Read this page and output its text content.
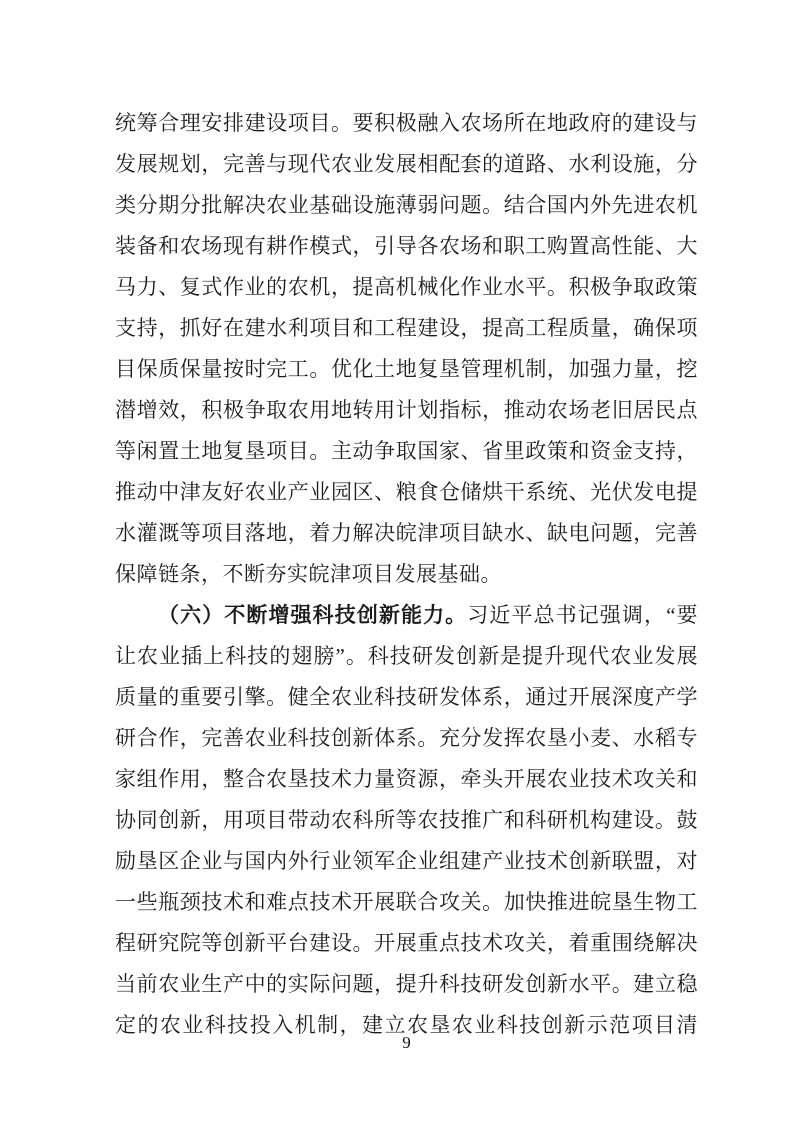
统筹合理安排建设项目。要积极融入农场所在地政府的建设与
发展规划，完善与现代农业发展相配套的道路、水利设施，分
类分期分批解决农业基础设施薄弱问题。结合国内外先进农机
装备和农场现有耕作模式，引导各农场和职工购置高性能、大
马力、复式作业的农机，提高机械化作业水平。积极争取政策
支持，抓好在建水利项目和工程建设，提高工程质量，确保项
目保质保量按时完工。优化土地复垦管理机制，加强力量，挖
潜增效，积极争取农用地转用计划指标，推动农场老旧居民点
等闲置土地复垦项目。主动争取国家、省里政策和资金支持，
推动中津友好农业产业园区、粮食仓储烘干系统、光伏发电提
水灌溉等项目落地，着力解决皖津项目缺水、缺电问题，完善
保障链条，不断夯实皖津项目发展基础。
（六）不断增强科技创新能力。习近平总书记强调，“要
让农业插上科技的翅膀”。科技研发创新是提升现代农业发展
质量的重要引擎。健全农业科技研发体系，通过开展深度产学
研合作，完善农业科技创新体系。充分发挥农垦小麦、水稻专
家组作用，整合农垦技术力量资源，牵头开展农业技术攻关和
协同创新，用项目带动农科所等农技推广和科研机构建设。鼓
励垦区企业与国内外行业领军企业组建产业技术创新联盟，对
一些瓶颈技术和难点技术开展联合攻关。加快推进皖垦生物工
程研究院等创新平台建设。开展重点技术攻关，着重围绕解决
当前农业生产中的实际问题，提升科技研发创新水平。建立稳
定的农业科技投入机制，建立农垦农业科技创新示范项目清
9
